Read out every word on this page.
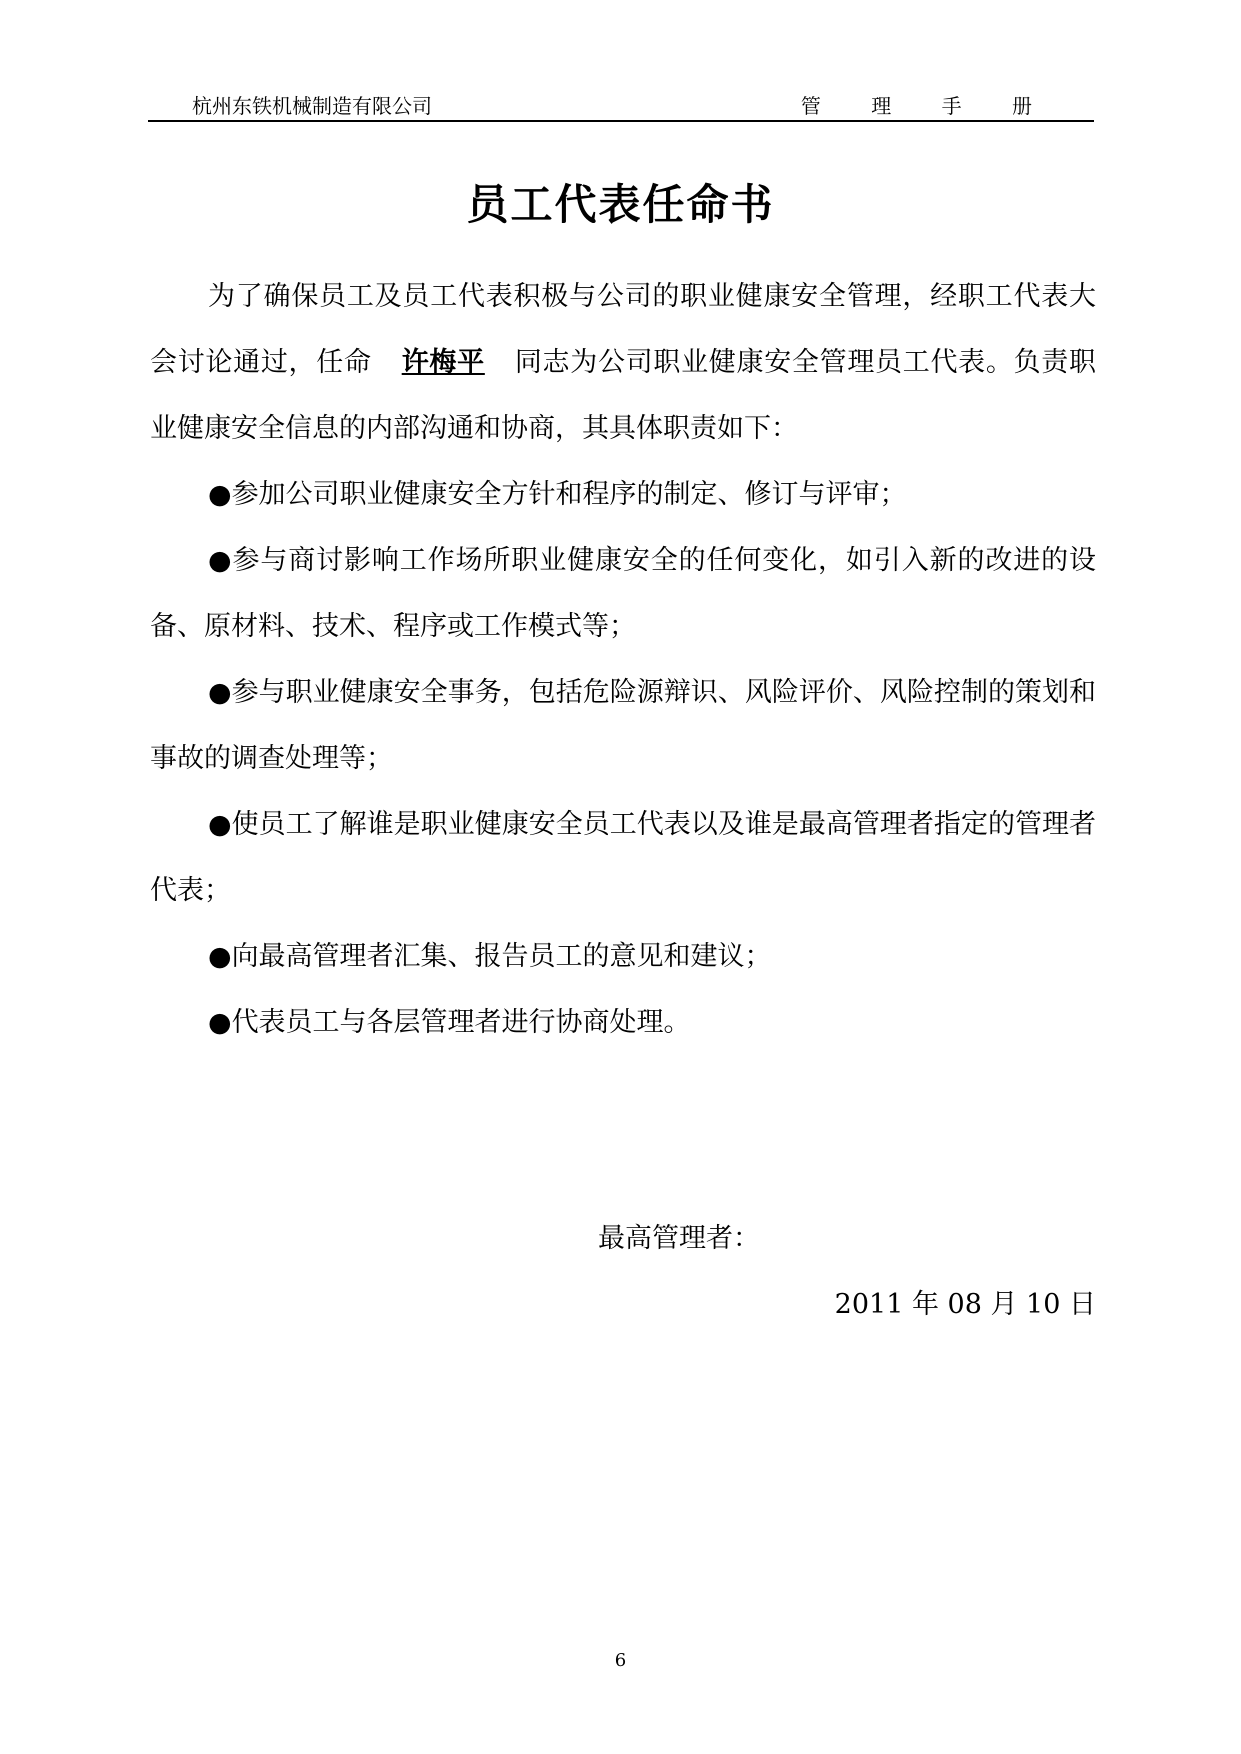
杭州东铁机械制造有限公司	管 理 手 册
员工代表任命书

为了确保员工及员工代表积极与公司的职业健康安全管理，经职工代表大会讨论通过，任命 许梅平 同志为公司职业健康安全管理员工代表。负责职业健康安全信息的内部沟通和协商，其具体职责如下：

●参加公司职业健康安全方针和程序的制定、修订与评审；

●参与商讨影响工作场所职业健康安全的任何变化，如引入新的改进的设备、原材料、技术、程序或工作模式等；

●参与职业健康安全事务，包括危险源辩识、风险评价、风险控制的策划和事故的调查处理等；

●使员工了解谁是职业健康安全员工代表以及谁是最高管理者指定的管理者代表；

●向最高管理者汇集、报告员工的意见和建议；

●代表员工与各层管理者进行协商处理。

最高管理者：
2011 年 08 月 10 日
6
